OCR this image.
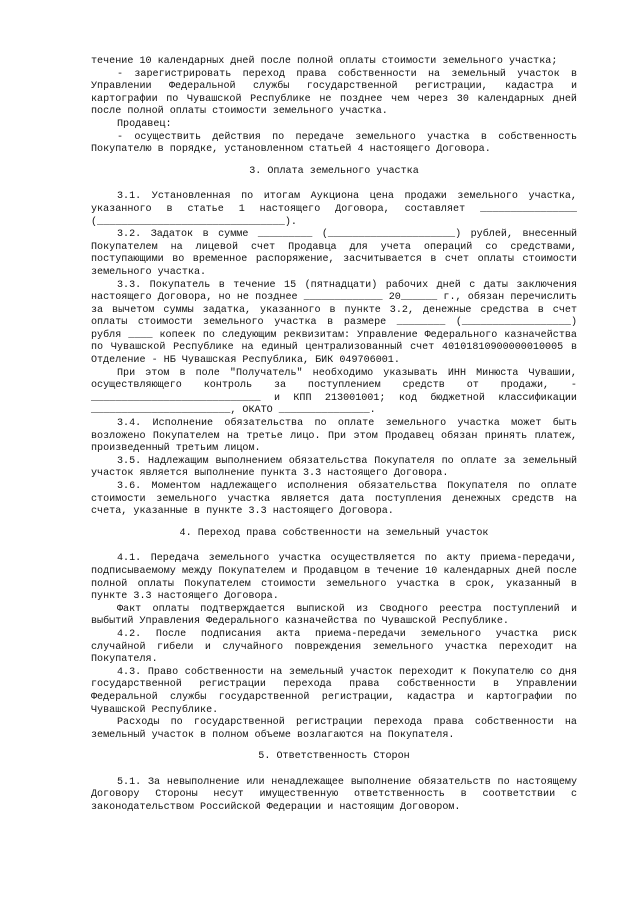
течение 10 календарных дней после полной оплаты стоимости земельного участка;
- зарегистрировать переход права собственности на земельный участок в Управлении Федеральной службы государственной регистрации, кадастра и картографии по Чувашской Республике не позднее чем через 30 календарных дней после полной оплаты стоимости земельного участка.
Продавец:
- осуществить действия по передаче земельного участка в собственность Покупателю в порядке, установленном статьей 4 настоящего Договора.
3. Оплата земельного участка
3.1. Установленная по итогам Аукциона цена продажи земельного участка, указанного в статье 1 настоящего Договора, составляет ________________ (_______________________________).
3.2. Задаток в сумме _________ (_____________________) рублей, внесенный Покупателем на лицевой счет Продавца для учета операций со средствами, поступающими во временное распоряжение, засчитывается в счет оплаты стоимости земельного участка.
3.3. Покупатель в течение 15 (пятнадцати) рабочих дней с даты заключения настоящего Договора, но не позднее _____________ 20______ г., обязан перечислить за вычетом суммы задатка, указанного в пункте 3.2, денежные средства в счет оплаты стоимости земельного участка в размере ________ (__________________) рубля ____ копеек по следующим реквизитам: Управление Федерального казначейства по Чувашской Республике на единый централизованный счет 40101810900000010005 в Отделение - НБ Чувашская Республика, БИК 049706001.
При этом в поле "Получатель" необходимо указывать ИНН Минюста Чувашии, осуществляющего контроль за поступлением средств от продажи, - ____________________________ и КПП 213001001; код бюджетной классификации _______________________, ОКАТО _______________.
3.4. Исполнение обязательства по оплате земельного участка может быть возложено Покупателем на третье лицо. При этом Продавец обязан принять платеж, произведенный третьим лицом.
3.5. Надлежащим выполнением обязательства Покупателя по оплате за земельный участок является выполнение пункта 3.3 настоящего Договора.
3.6. Моментом надлежащего исполнения обязательства Покупателя по оплате стоимости земельного участка является дата поступления денежных средств на счета, указанные в пункте 3.3 настоящего Договора.
4. Переход права собственности на земельный участок
4.1. Передача земельного участка осуществляется по акту приема-передачи, подписываемому между Покупателем и Продавцом в течение 10 календарных дней после полной оплаты Покупателем стоимости земельного участка в срок, указанный в пункте 3.3 настоящего Договора.
Факт оплаты подтверждается выпиской из Сводного реестра поступлений и выбытий Управления Федерального казначейства по Чувашской Республике.
4.2. После подписания акта приема-передачи земельного участка риск случайной гибели и случайного повреждения земельного участка переходит на Покупателя.
4.3. Право собственности на земельный участок переходит к Покупателю со дня государственной регистрации перехода права собственности в Управлении Федеральной службы государственной регистрации, кадастра и картографии по Чувашской Республике.
Расходы по государственной регистрации перехода права собственности на земельный участок в полном объеме возлагаются на Покупателя.
5. Ответственность Сторон
5.1. За невыполнение или ненадлежащее выполнение обязательств по настоящему Договору Стороны несут имущественную ответственность в соответствии с законодательством Российской Федерации и настоящим Договором.
